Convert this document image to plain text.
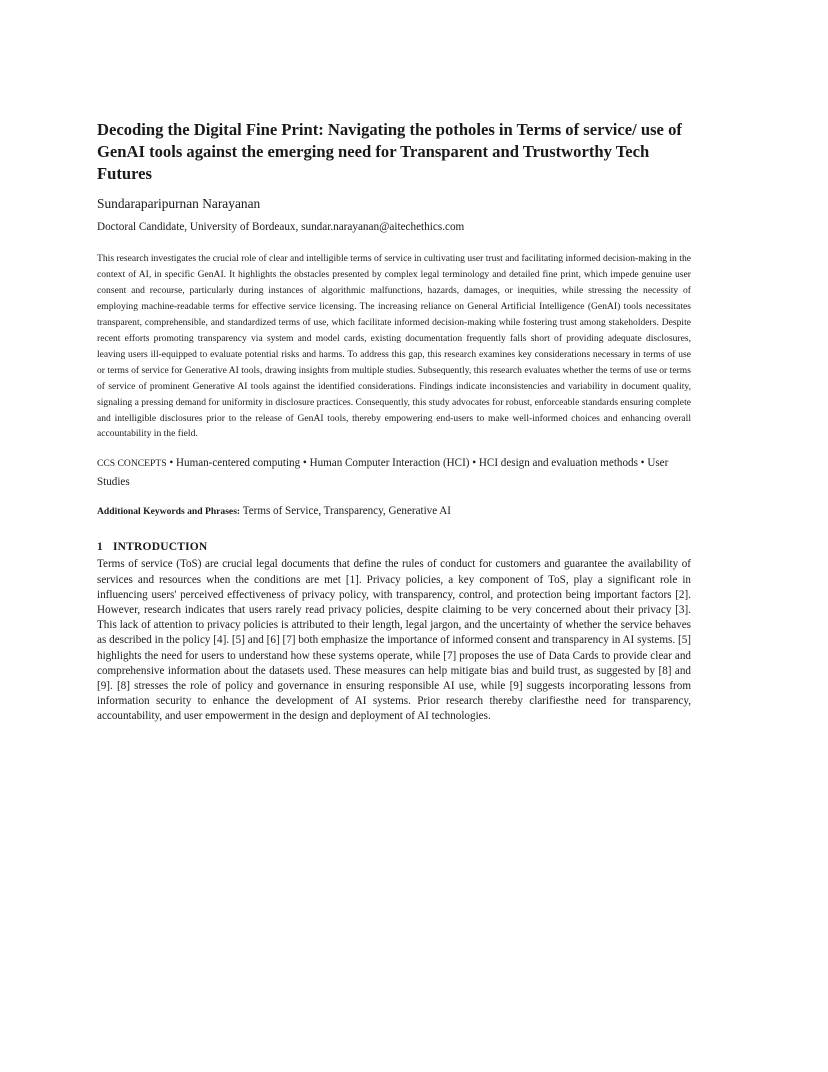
Decoding the Digital Fine Print: Navigating the potholes in Terms of service/ use of GenAI tools against the emerging need for Transparent and Trustworthy Tech Futures
Sundaraparipurnan Narayanan
Doctoral Candidate, University of Bordeaux, sundar.narayanan@aitechethics.com
This research investigates the crucial role of clear and intelligible terms of service in cultivating user trust and facilitating informed decision-making in the context of AI, in specific GenAI. It highlights the obstacles presented by complex legal terminology and detailed fine print, which impede genuine user consent and recourse, particularly during instances of algorithmic malfunctions, hazards, damages, or inequities, while stressing the necessity of employing machine-readable terms for effective service licensing. The increasing reliance on General Artificial Intelligence (GenAI) tools necessitates transparent, comprehensible, and standardized terms of use, which facilitate informed decision-making while fostering trust among stakeholders. Despite recent efforts promoting transparency via system and model cards, existing documentation frequently falls short of providing adequate disclosures, leaving users ill-equipped to evaluate potential risks and harms. To address this gap, this research examines key considerations necessary in terms of use or terms of service for Generative AI tools, drawing insights from multiple studies. Subsequently, this research evaluates whether the terms of use or terms of service of prominent Generative AI tools against the identified considerations. Findings indicate inconsistencies and variability in document quality, signaling a pressing demand for uniformity in disclosure practices. Consequently, this study advocates for robust, enforceable standards ensuring complete and intelligible disclosures prior to the release of GenAI tools, thereby empowering end-users to make well-informed choices and enhancing overall accountability in the field.
CCS CONCEPTS • Human-centered computing • Human Computer Interaction (HCI) • HCI design and evaluation methods • User Studies
Additional Keywords and Phrases: Terms of Service, Transparency, Generative AI
1 INTRODUCTION
Terms of service (ToS) are crucial legal documents that define the rules of conduct for customers and guarantee the availability of services and resources when the conditions are met [1]. Privacy policies, a key component of ToS, play a significant role in influencing users' perceived effectiveness of privacy policy, with transparency, control, and protection being important factors [2]. However, research indicates that users rarely read privacy policies, despite claiming to be very concerned about their privacy [3]. This lack of attention to privacy policies is attributed to their length, legal jargon, and the uncertainty of whether the service behaves as described in the policy [4]. [5] and [6] [7] both emphasize the importance of informed consent and transparency in AI systems. [5] highlights the need for users to understand how these systems operate, while [7] proposes the use of Data Cards to provide clear and comprehensive information about the datasets used. These measures can help mitigate bias and build trust, as suggested by [8] and [9]. [8] stresses the role of policy and governance in ensuring responsible AI use, while [9] suggests incorporating lessons from information security to enhance the development of AI systems. Prior research thereby clarifiesthe need for transparency, accountability, and user empowerment in the design and deployment of AI technologies.
